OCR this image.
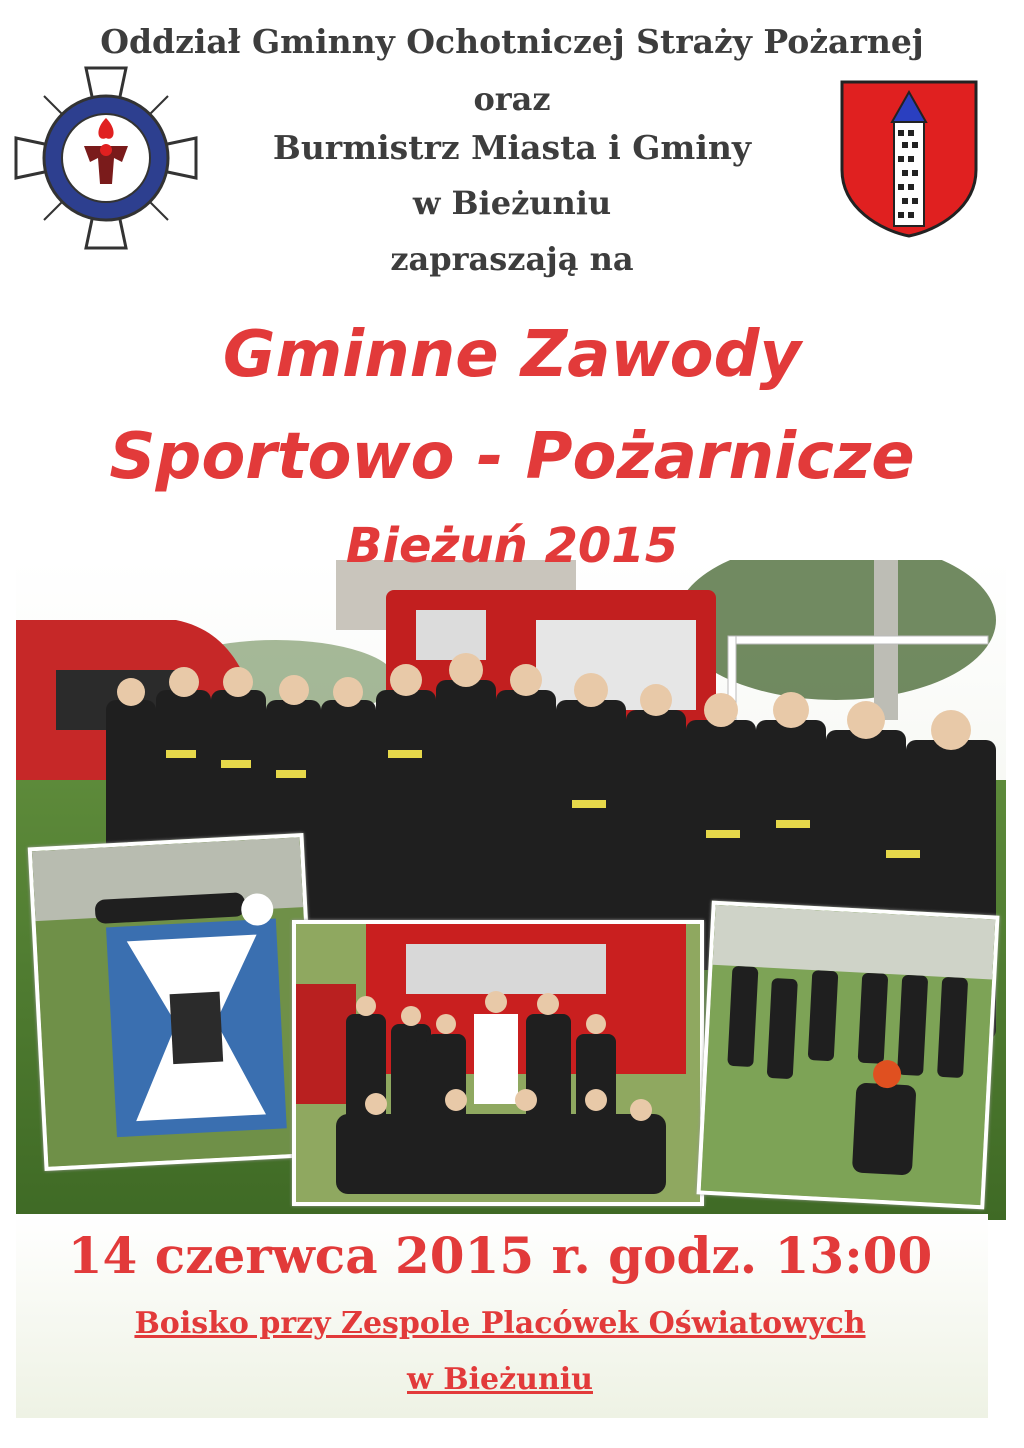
Oddział Gminny Ochotniczej Straży Pożarnej
oraz
Burmistrz Miasta i Gminy
w Bieżuniu
zapraszają na
Gminne Zawody
Sportowo - Pożarnicze
Bieżuń 2015
14 czerwca 2015 r. godz. 13:00
Boisko przy Zespole Placówek Oświatowych
w Bieżuniu
